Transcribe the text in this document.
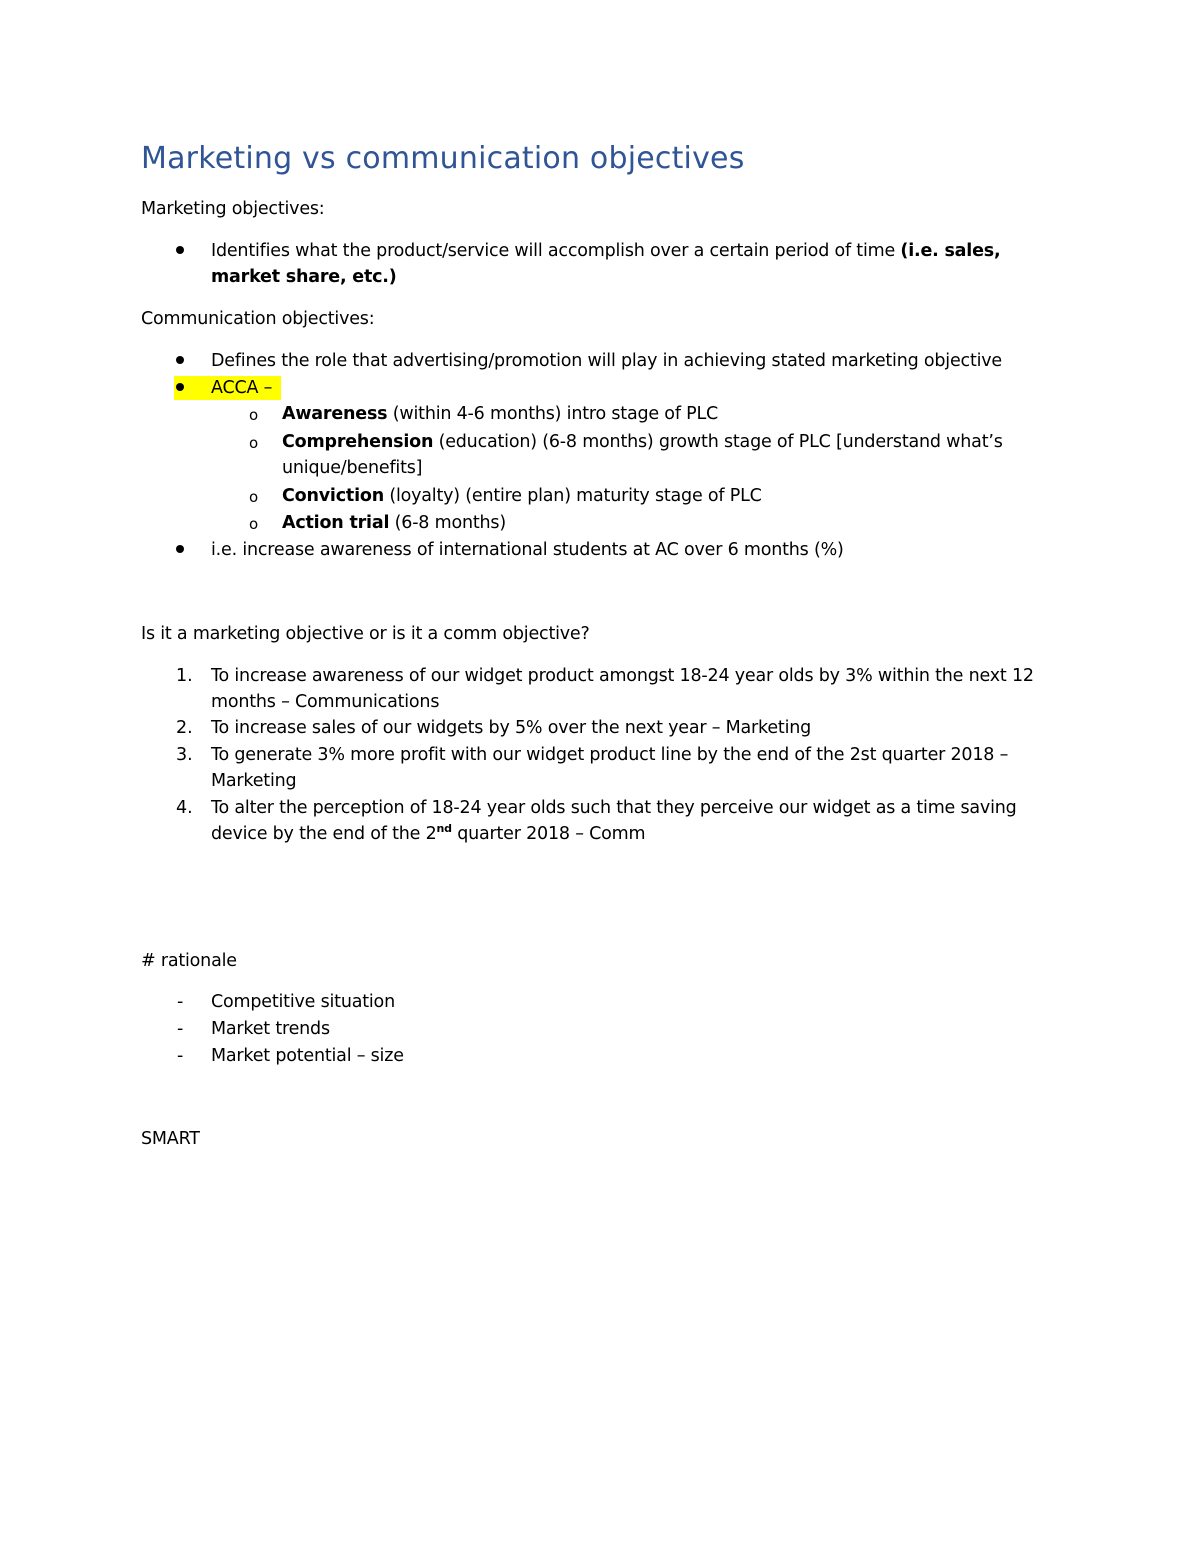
Marketing vs communication objectives
Marketing objectives:
Identifies what the product/service will accomplish over a certain period of time (i.e. sales,
market share, etc.)
Communication objectives:
Defines the role that advertising/promotion will play in achieving stated marketing objective
ACCA –
o Awareness (within 4-6 months) intro stage of PLC
o Comprehension (education) (6-8 months) growth stage of PLC [understand what’s
unique/benefits]
o Conviction (loyalty) (entire plan) maturity stage of PLC
o Action trial (6-8 months)
i.e. increase awareness of international students at AC over 6 months (%)
Is it a marketing objective or is it a comm objective?
1. To increase awareness of our widget product amongst 18-24 year olds by 3% within the next 12
months – Communications
2. To increase sales of our widgets by 5% over the next year – Marketing
3. To generate 3% more profit with our widget product line by the end of the 2st quarter 2018 –
Marketing
4. To alter the perception of 18-24 year olds such that they perceive our widget as a time saving
device by the end of the 2nd quarter 2018 – Comm
# rationale
- Competitive situation
- Market trends
- Market potential – size
SMART
